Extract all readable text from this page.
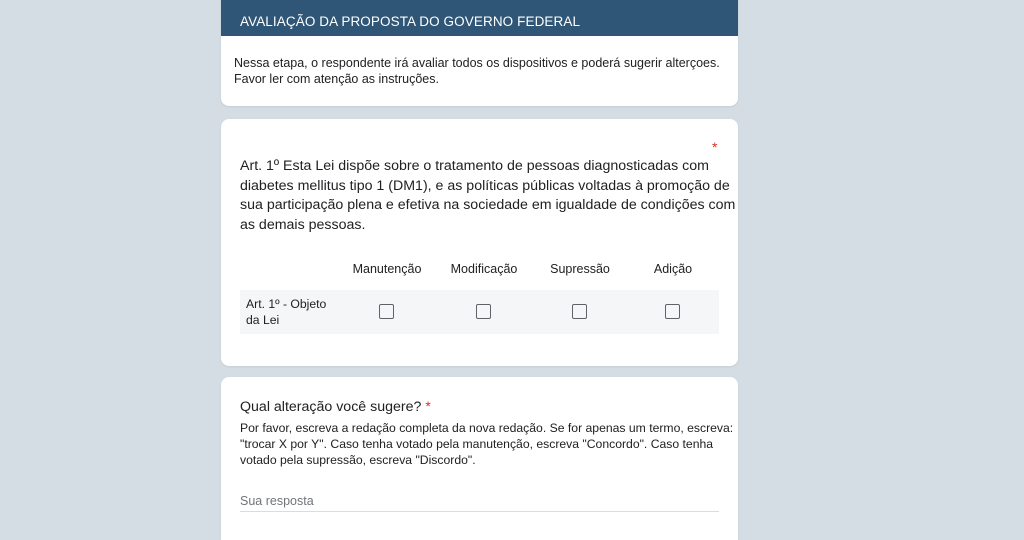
AVALIAÇÃO DA PROPOSTA DO GOVERNO FEDERAL
Nessa etapa, o respondente irá avaliar todos os dispositivos e poderá sugerir alterçoes.
Favor ler com atenção as instruções.
*
Art. 1º Esta Lei dispõe sobre o tratamento de pessoas diagnosticadas com
diabetes mellitus tipo 1 (DM1), e as políticas públicas voltadas à promoção de
sua participação plena e efetiva na sociedade em igualdade de condições com
as demais pessoas.
Manutenção Modificação	Supressão	Adição
Art. 1º - Objeto
da Lei
Qual alteração você sugere? *
Por favor, escreva a redação completa da nova redação. Se for apenas um termo, escreva:
"trocar X por Y". Caso tenha votado pela manutenção, escreva "Concordo". Caso tenha
votado pela supressão, escreva "Discordo".
Sua resposta
